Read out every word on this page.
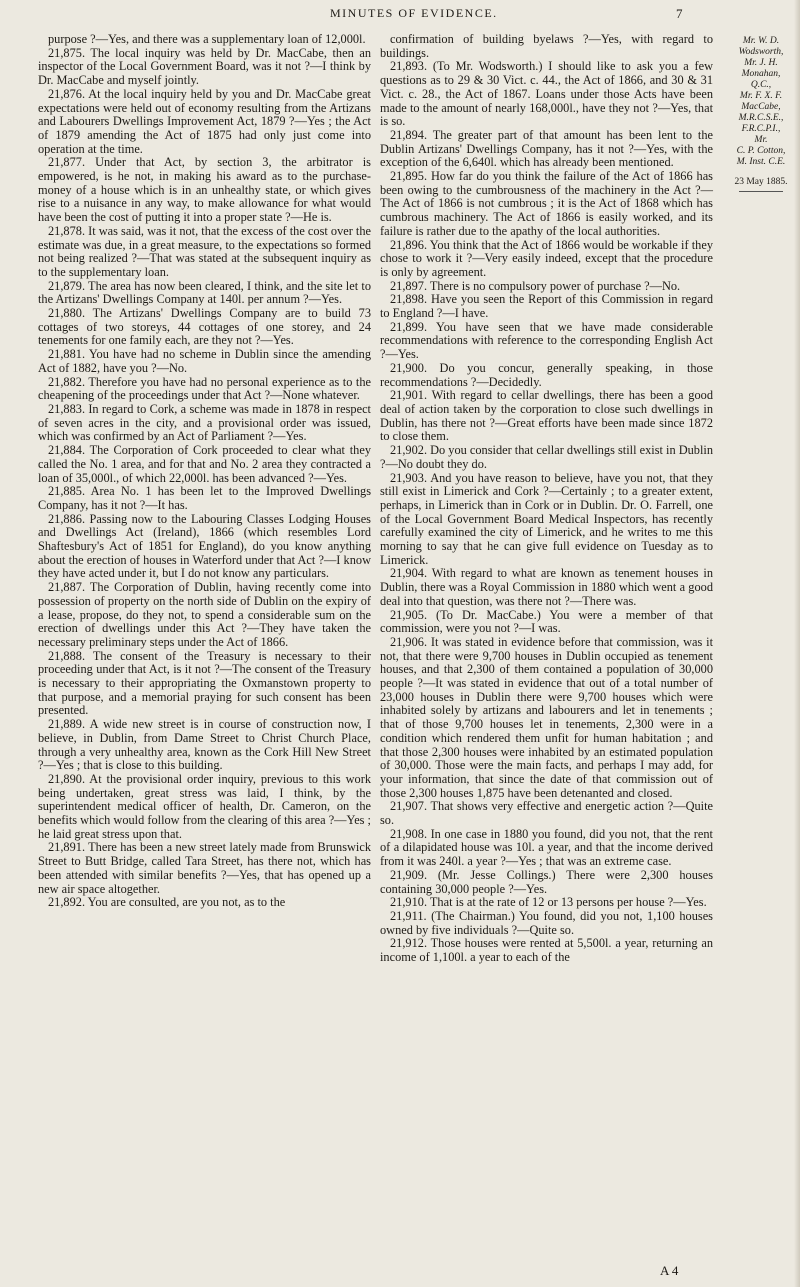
MINUTES OF EVIDENCE.	7

purpose ?—Yes, and there was a supplementary loan of 12,000l.

21,875. The local inquiry was held by Dr. MacCabe, then an inspector of the Local Government Board, was it not ?—I think by Dr. MacCabe and myself jointly.

21,876. At the local inquiry held by you and Dr. MacCabe great expectations were held out of economy resulting from the Artizans and Labourers Dwellings Improvement Act, 1879 ?—Yes ; the Act of 1879 amending the Act of 1875 had only just come into operation at the time.

21,877. Under that Act, by section 3, the arbitrator is empowered, is he not, in making his award as to the purchase-money of a house which is in an unhealthy state, or which gives rise to a nuisance in any way, to make allowance for what would have been the cost of putting it into a proper state ?—He is.

21,878. It was said, was it not, that the excess of the cost over the estimate was due, in a great measure, to the expectations so formed not being realized ?—That was stated at the subsequent inquiry as to the supplementary loan.

21,879. The area has now been cleared, I think, and the site let to the Artizans' Dwellings Company at 140l. per annum ?—Yes.

21,880. The Artizans' Dwellings Company are to build 73 cottages of two storeys, 44 cottages of one storey, and 24 tenements for one family each, are they not ?—Yes.

21,881. You have had no scheme in Dublin since the amending Act of 1882, have you ?—No.

21,882. Therefore you have had no personal experience as to the cheapening of the proceedings under that Act ?—None whatever.

21,883. In regard to Cork, a scheme was made in 1878 in respect of seven acres in the city, and a provisional order was issued, which was confirmed by an Act of Parliament ?—Yes.

21,884. The Corporation of Cork proceeded to clear what they called the No. 1 area, and for that and No. 2 area they contracted a loan of 35,000l., of which 22,000l. has been advanced ?—Yes.

21,885. Area No. 1 has been let to the Improved Dwellings Company, has it not ?—It has.

21,886. Passing now to the Labouring Classes Lodging Houses and Dwellings Act (Ireland), 1866 (which resembles Lord Shaftesbury's Act of 1851 for England), do you know anything about the erection of houses in Waterford under that Act ?—I know they have acted under it, but I do not know any particulars.

21,887. The Corporation of Dublin, having recently come into possession of property on the north side of Dublin on the expiry of a lease, propose, do they not, to spend a considerable sum on the erection of dwellings under this Act ?—They have taken the necessary preliminary steps under the Act of 1866.

21,888. The consent of the Treasury is necessary to their proceeding under that Act, is it not ?—The consent of the Treasury is necessary to their appropriating the Oxmanstown property to that purpose, and a memorial praying for such consent has been presented.

21,889. A wide new street is in course of construction now, I believe, in Dublin, from Dame Street to Christ Church Place, through a very unhealthy area, known as the Cork Hill New Street ?—Yes ; that is close to this building.

21,890. At the provisional order inquiry, previous to this work being undertaken, great stress was laid, I think, by the superintendent medical officer of health, Dr. Cameron, on the benefits which would follow from the clearing of this area ?—Yes ; he laid great stress upon that.

21,891. There has been a new street lately made from Brunswick Street to Butt Bridge, called Tara Street, has there not, which has been attended with similar benefits ?—Yes, that has opened up a new air space altogether.

21,892. You are consulted, are you not, as to the

confirmation of building byelaws ?—Yes, with regard to buildings.

21,893. (To Mr. Wodsworth.) I should like to ask you a few questions as to 29 & 30 Vict. c. 44., the Act of 1866, and 30 & 31 Vict. c. 28., the Act of 1867. Loans under those Acts have been made to the amount of nearly 168,000l., have they not ?—Yes, that is so.

21,894. The greater part of that amount has been lent to the Dublin Artizans' Dwellings Company, has it not ?—Yes, with the exception of the 6,640l. which has already been mentioned.

21,895. How far do you think the failure of the Act of 1866 has been owing to the cumbrousness of the machinery in the Act ?—The Act of 1866 is not cumbrous ; it is the Act of 1868 which has cumbrous machinery. The Act of 1866 is easily worked, and its failure is rather due to the apathy of the local authorities.

21,896. You think that the Act of 1866 would be workable if they chose to work it ?—Very easily indeed, except that the procedure is only by agreement.

21,897. There is no compulsory power of purchase ?—No.

21,898. Have you seen the Report of this Commission in regard to England ?—I have.

21,899. You have seen that we have made considerable recommendations with reference to the corresponding English Act ?—Yes.

21,900. Do you concur, generally speaking, in those recommendations ?—Decidedly.

21,901. With regard to cellar dwellings, there has been a good deal of action taken by the corporation to close such dwellings in Dublin, has there not ?—Great efforts have been made since 1872 to close them.

21,902. Do you consider that cellar dwellings still exist in Dublin ?—No doubt they do.

21,903. And you have reason to believe, have you not, that they still exist in Limerick and Cork ?—Certainly ; to a greater extent, perhaps, in Limerick than in Cork or in Dublin. Dr. O. Farrell, one of the Local Government Board Medical Inspectors, has recently carefully examined the city of Limerick, and he writes to me this morning to say that he can give full evidence on Tuesday as to Limerick.

21,904. With regard to what are known as tenement houses in Dublin, there was a Royal Commission in 1880 which went a good deal into that question, was there not ?—There was.

21,905. (To Dr. MacCabe.) You were a member of that commission, were you not ?—I was.

21,906. It was stated in evidence before that commission, was it not, that there were 9,700 houses in Dublin occupied as tenement houses, and that 2,300 of them contained a population of 30,000 people ?—It was stated in evidence that out of a total number of 23,000 houses in Dublin there were 9,700 houses which were inhabited solely by artizans and labourers and let in tenements ; that of those 9,700 houses let in tenements, 2,300 were in a condition which rendered them unfit for human habitation ; and that those 2,300 houses were inhabited by an estimated population of 30,000. Those were the main facts, and perhaps I may add, for your information, that since the date of that commission out of those 2,300 houses 1,875 have been detenanted and closed.

21,907. That shows very effective and energetic action ?—Quite so.

21,908. In one case in 1880 you found, did you not, that the rent of a dilapidated house was 10l. a year, and that the income derived from it was 240l. a year ?—Yes ; that was an extreme case.

21,909. (Mr. Jesse Collings.) There were 2,300 houses containing 30,000 people ?—Yes.

21,910. That is at the rate of 12 or 13 persons per house ?—Yes.

21,911. (The Chairman.) You found, did you not, 1,100 houses owned by five individuals ?—Quite so.

21,912. Those houses were rented at 5,500l. a year, returning an income of 1,100l. a year to each of the

Mr. W. D.
Wodsworth,
Mr. J. H.
Monahan,
Q.C.,
Mr. F. X. F.
MacCabe,
M.R.C.S.E.,
F.R.C.P.I.,
Mr.
C. P. Cotton,
M. Inst. C.E.
23 May 1885.
A 4
